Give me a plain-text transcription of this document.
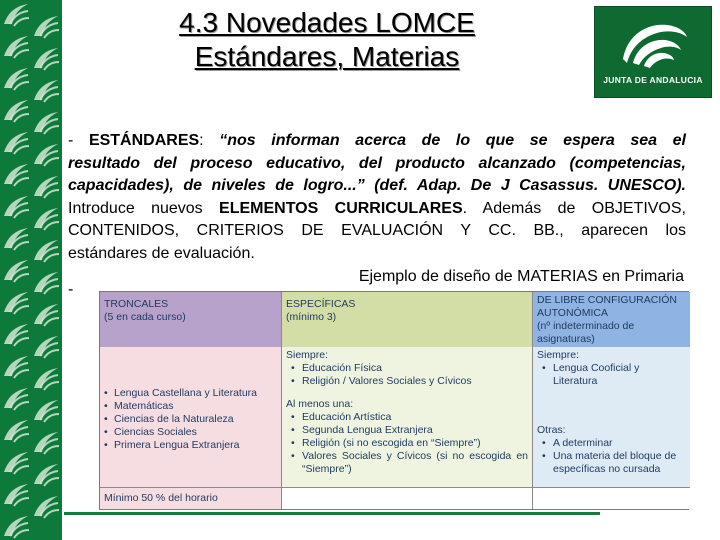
4.3 Novedades LOMCE
Estándares, Materias
JUNTA DE ANDALUCIA
- ESTÁNDARES: “nos informan acerca de lo que se espera sea el
resultado del proceso educativo, del producto alcanzado (competencias,
capacidades), de niveles de logro...” (def. Adap. De J Casassus. UNESCO).
Introduce nuevos ELEMENTOS CURRICULARES. Además de OBJETIVOS,
CONTENIDOS, CRITERIOS DE EVALUACIÓN Y CC. BB., aparecen los
estándares de evaluación.
Ejemplo de diseño de MATERIAS en Primaria
-
TRONCALES
(5 en cada curso)
• Lengua Castellana y Literatura
• Matemáticas
• Ciencias de la Naturaleza
• Ciencias Sociales
• Primera Lengua Extranjera
Mínimo 50 % del horario
ESPECÍFICAS
(mínimo 3)
Siempre:
• Educación Física
• Religión / Valores Sociales y Cívicos
Al menos una:
• Educación Artística
• Segunda Lengua Extranjera
• Religión (si no escogida en “Siempre”)
• Valores Sociales y Cívicos (si no escogida en “Siempre”)
DE LIBRE CONFIGURACIÓN
AUTONÓMICA
(nº indeterminado de
asignaturas)
Siempre:
• Lengua Cooficial y Literatura
Otras:
• A determinar
• Una materia del bloque de específicas no cursada
